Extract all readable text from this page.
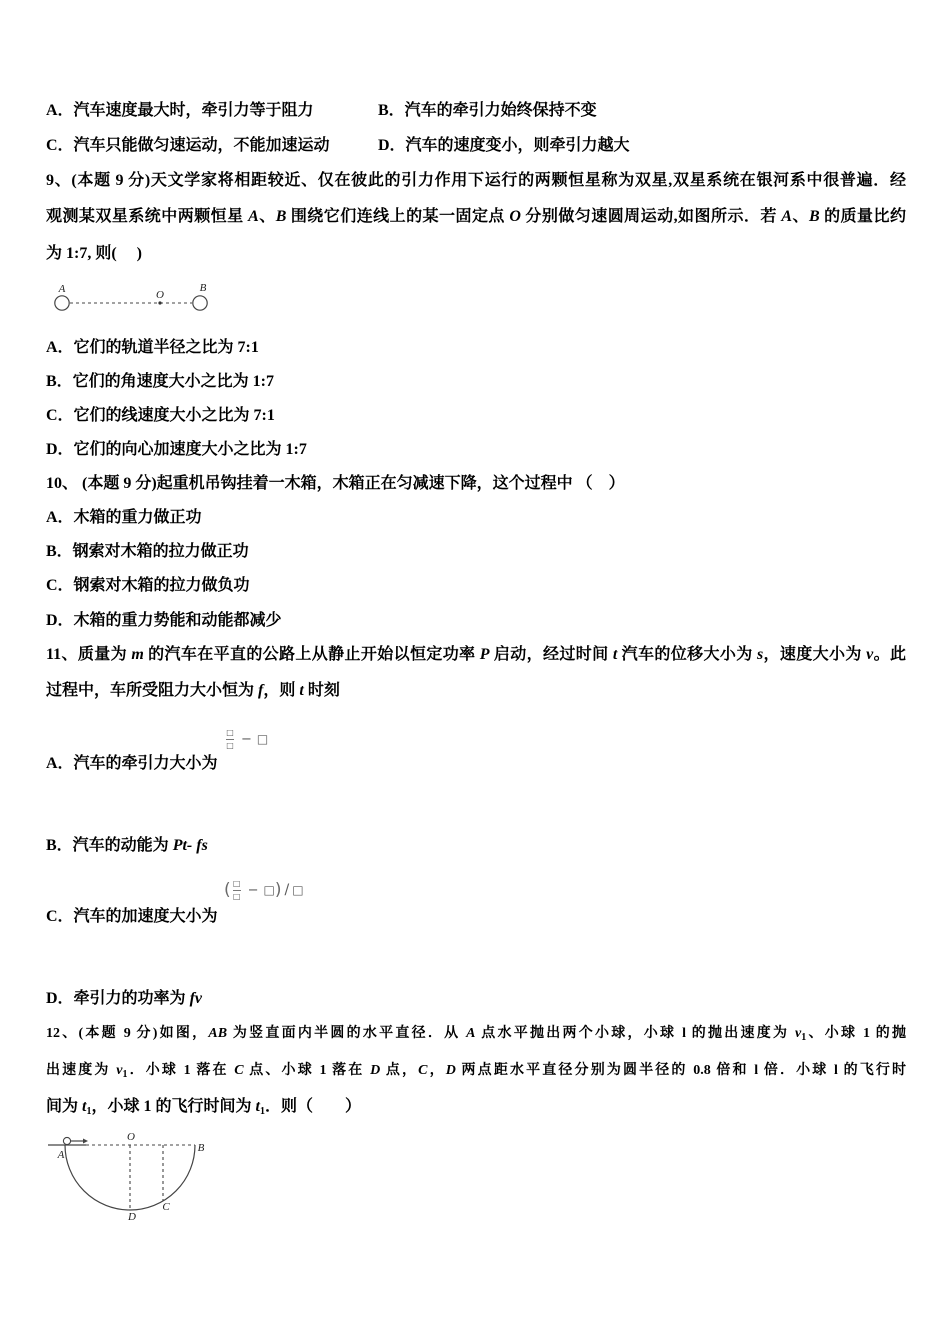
A．汽车速度最大时，牵引力等于阻力	B．汽车的牵引力始终保持不变
C．汽车只能做匀速运动，不能加速运动	D．汽车的速度变小，则牵引力越大
9、(本题 9 分)天文学家将相距较近、仅在彼此的引力作用下运行的两颗恒星称为双星,双星系统在银河系中很普遍．经
观测某双星系统中两颗恒星 A、B 围绕它们连线上的某一固定点 O 分别做匀速圆周运动,如图所示．若 A、B 的质量比约
为 1:7, 则(     )
A	O
B
A．它们的轨道半径之比为 7:1
B．它们的角速度大小之比为 1:7
C．它们的线速度大小之比为 7:1
D．它们的向心加速度大小之比为 1:7
10、 (本题 9 分)起重机吊钩挂着一木箱，木箱正在匀减速下降，这个过程中 （    ）
A．木箱的重力做正功
B．钢索对木箱的拉力做正功
C．钢索对木箱的拉力做负功
D．木箱的重力势能和动能都减少
11、质量为 m 的汽车在平直的公路上从静止开始以恒定功率 P 启动，经过时间 t 汽车的位移大小为 s，速度大小为 v。此
过程中，车所受阻力大小恒为 f，则 t 时刻
$\frac{□}{□}$ − □
A．汽车的牵引力大小为
B．汽车的动能为 Pt- fs
( $\frac{□}{□}$ − □ ) / □
C．汽车的加速度大小为
D．牵引力的功率为 fv
12、(本题 9 分)如图，AB 为竖直面内半圆的水平直径．从 A 点水平抛出两个小球，小球 l 的抛出速度为 $v_1$、小球 1 的抛
出速度为 $v_1$．小球 1 落在 C 点、小球 1 落在 D 点，C，D 两点距水平直径分别为圆半径的 0.8 倍和 l 倍．小球 l 的飞行时
间为 $t_1$，小球 1 的飞行时间为 $t_1$．则（        ）
A
O
B
C
D
